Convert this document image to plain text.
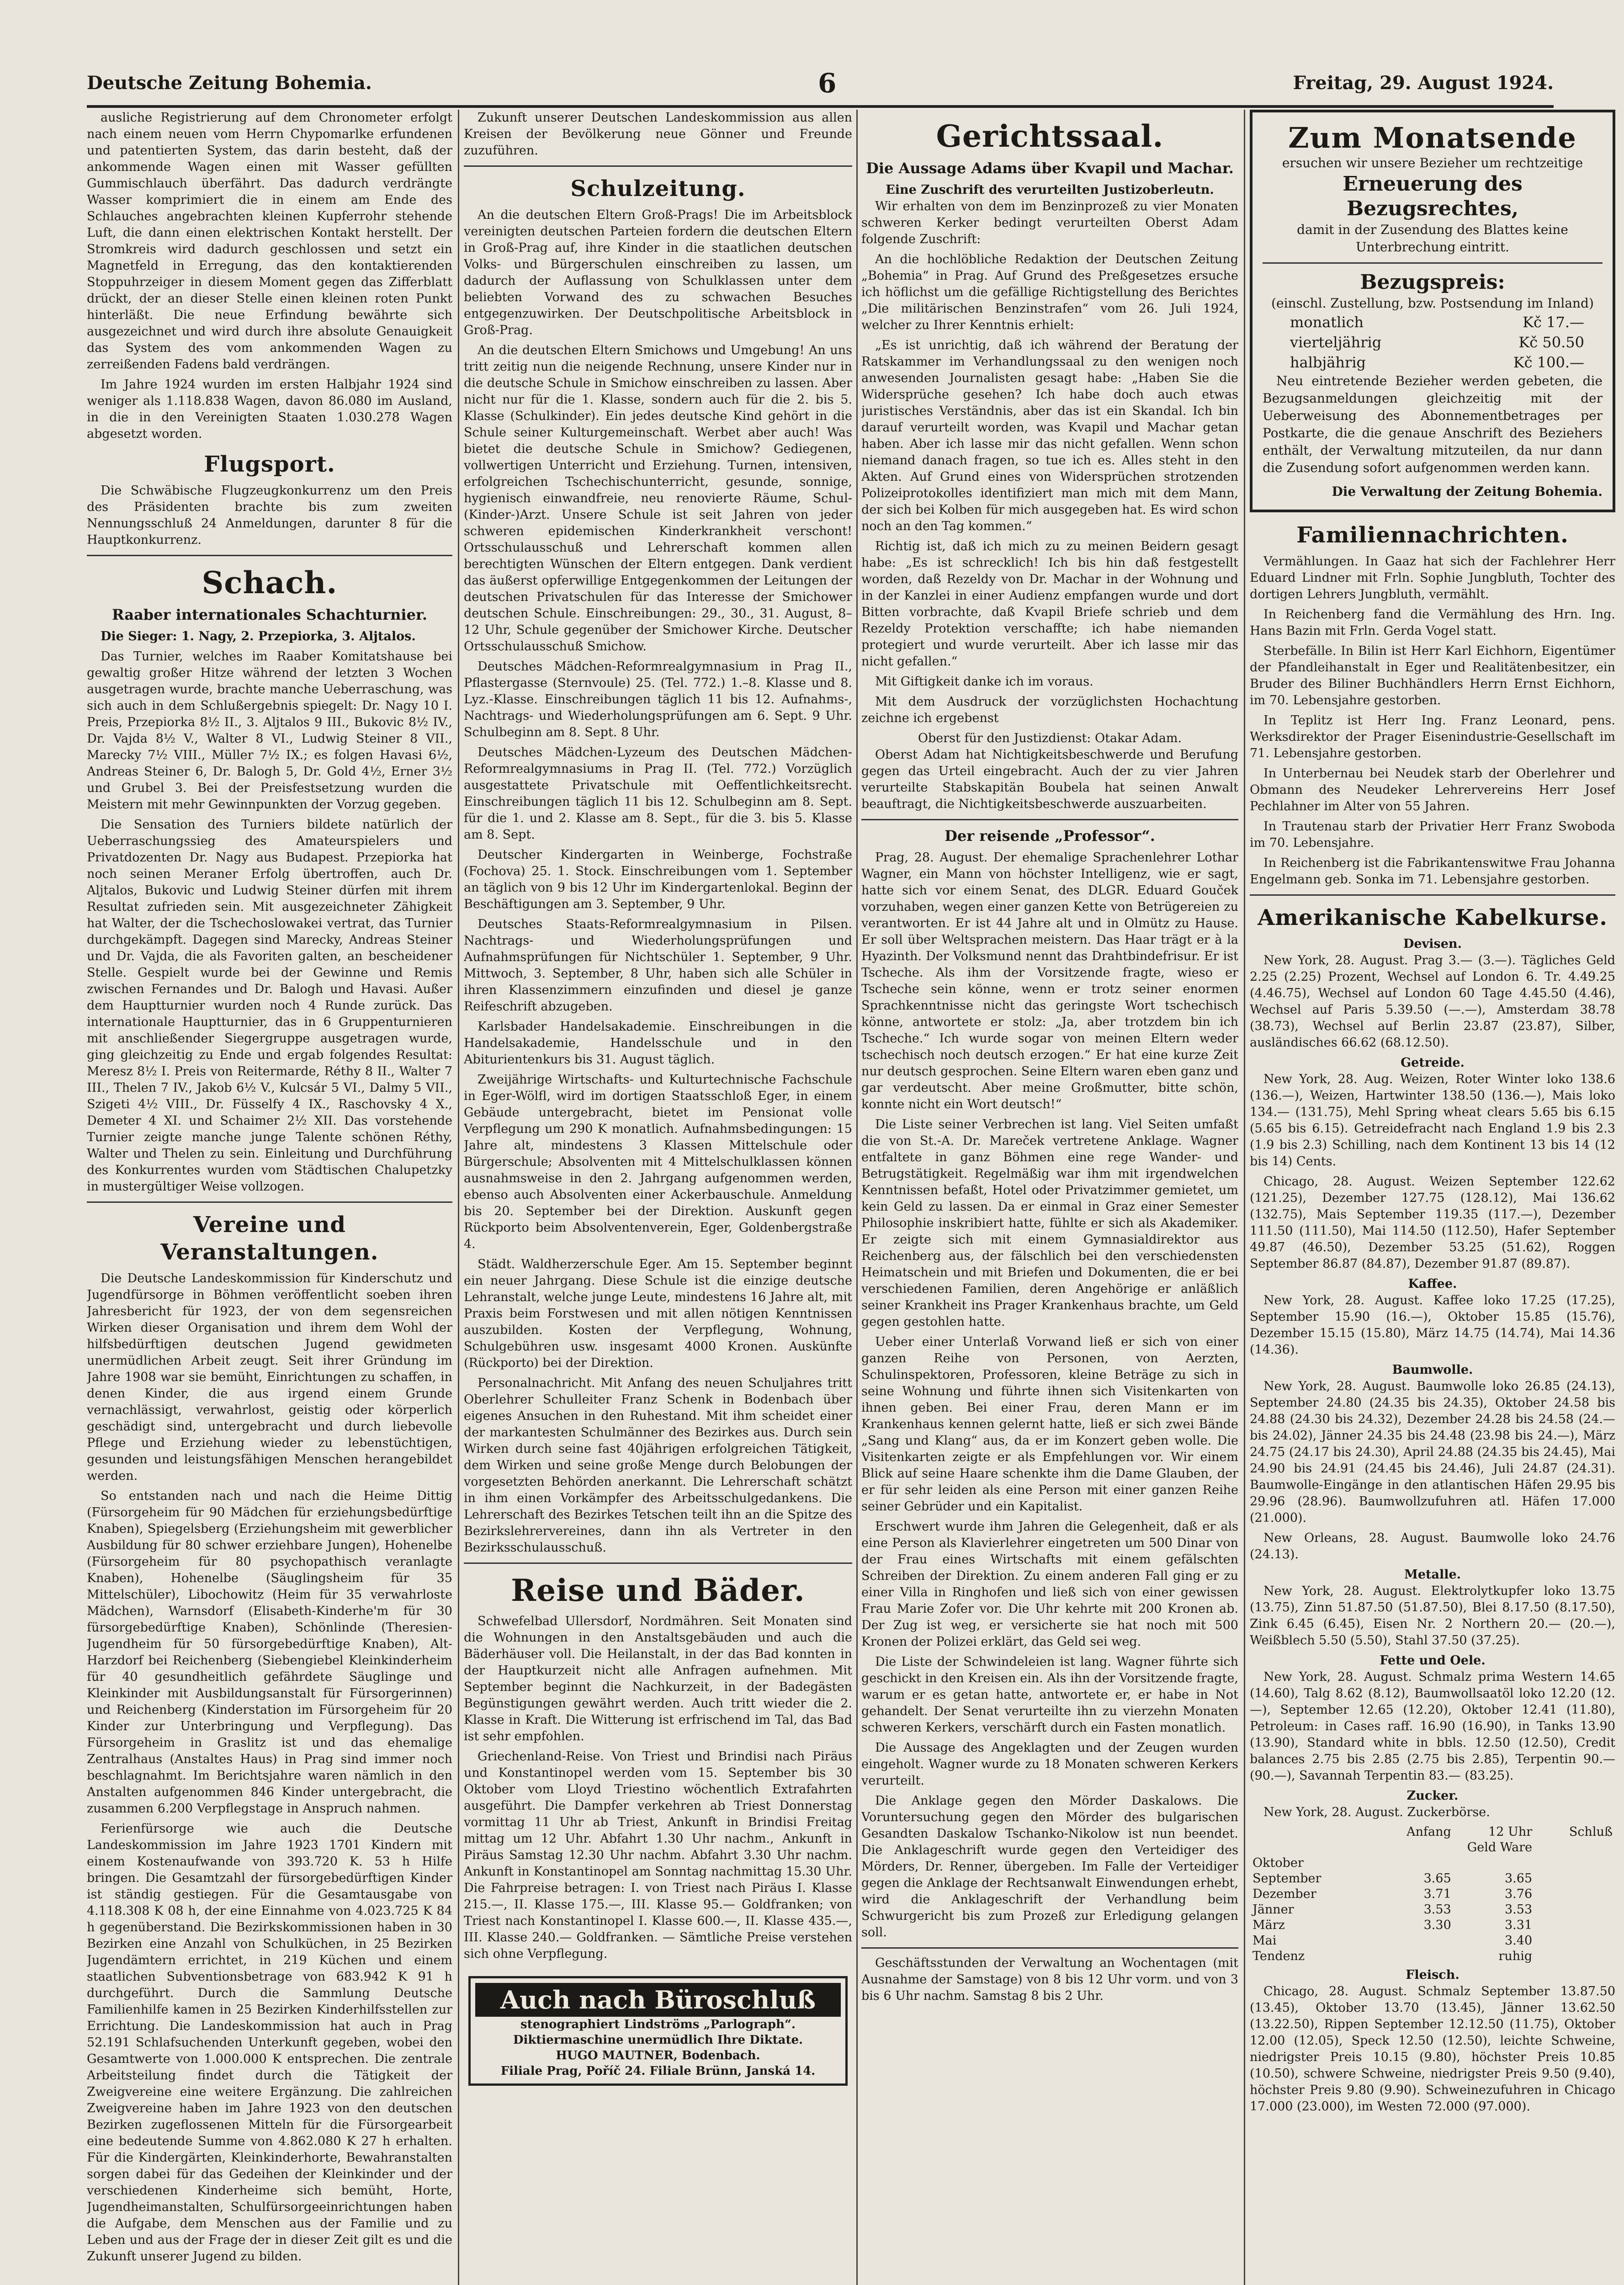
Deutsche Zeitung Bohemia.	6	Freitag, 29. August 1924.

ausliche Registrierung auf dem Chronometer erfolgt nach einem neuen vom Herrn Chypomarlke erfundenen und patentierten System, das darin besteht, daß der ankommende Wagen einen mit Wasser gefüllten Gummischlauch überfährt. Das dadurch verdrängte Wasser komprimiert die in einem am Ende des Schlauches angebrachten kleinen Kupferrohr stehende Luft, die dann einen elektrischen Kontakt herstellt. Der Stromkreis wird dadurch geschlossen und setzt ein Magnetfeld in Erregung, das den kontaktierenden Stoppuhrzeiger in diesem Moment gegen das Zifferblatt drückt, der an dieser Stelle einen kleinen roten Punkt hinterläßt. Die neue Erfindung bewährte sich ausgezeichnet und wird durch ihre absolute Genauigkeit das System des vom ankommenden Wagen zu zerreißenden Fadens bald verdrängen.

Im Jahre 1924 wurden im ersten Halbjahr 1924 sind weniger als 1.118.838 Wagen, davon 86.080 im Ausland, in die in den Vereinigten Staaten 1.030.278 Wagen abgesetzt worden.

Flugsport.

Die Schwäbische Flugzeugkonkurrenz um den Preis des Präsidenten brachte bis zum zweiten Nennungsschluß 24 Anmeldungen, darunter 8 für die Hauptkonkurrenz.

Schach.
Raaber internationales Schachturnier.

Die Sieger: 1. Nagy, 2. Przepiorka, 3. Aljtalos.

Das Turnier, welches im Raaber Komitatshause bei gewaltig großer Hitze während der letzten 3 Wochen ausgetragen wurde, brachte manche Ueberraschung, was sich auch in dem Schlußergebnis spiegelt: Dr. Nagy 10 I. Preis, Przepiorka 8½ II., 3. Aljtalos 9 III., Bukovic 8½ IV., Dr. Vajda 8½ V., Walter 8 VI., Ludwig Steiner 8 VII., Marecky 7½ VIII., Müller 7½ IX.; es folgen Havasi 6½, Andreas Steiner 6, Dr. Balogh 5, Dr. Gold 4½, Erner 3½ und Grubel 3. Bei der Preisfestsetzung wurden die Meistern mit mehr Gewinnpunkten der Vorzug gegeben.

Die Sensation des Turniers bildete natürlich der Ueberraschungssieg des Amateurspielers und Privatdozenten Dr. Nagy aus Budapest. Przepiorka hat noch seinen Meraner Erfolg übertroffen, auch Dr. Aljtalos, Bukovic und Ludwig Steiner dürfen mit ihrem Resultat zufrieden sein. Mit ausgezeichneter Zähigkeit hat Walter, der die Tschechoslowakei vertrat, das Turnier durchgekämpft. Dagegen sind Marecky, Andreas Steiner und Dr. Vajda, die als Favoriten galten, an bescheidener Stelle. Gespielt wurde bei der Gewinne und Remis zwischen Fernandes und Dr. Balogh und Havasi. Außer dem Hauptturnier wurden noch 4 Runde zurück. Das internationale Hauptturnier, das in 6 Gruppenturnieren mit anschließender Siegergruppe ausgetragen wurde, ging gleichzeitig zu Ende und ergab folgendes Resultat: Meresz 8½ I. Preis von Reitermarde, Réthy 8 II., Walter 7 III., Thelen 7 IV., Jakob 6½ V., Kulcsár 5 VI., Dalmy 5 VII., Szigeti 4½ VIII., Dr. Füsselfy 4 IX., Raschovsky 4 X., Demeter 4 XI. und Schaimer 2½ XII. Das vorstehende Turnier zeigte manche junge Talente schönen Réthy, Walter und Thelen zu sein. Einleitung und Durchführung des Konkurrentes wurden vom Städtischen Chalupetzky in mustergültiger Weise vollzogen.

Vereine und Veranstaltungen.

Die Deutsche Landeskommission für Kinderschutz und Jugendfürsorge in Böhmen veröffentlicht soeben ihren Jahresbericht für 1923, der von dem segensreichen Wirken dieser Organisation und ihrem dem Wohl der hilfsbedürftigen deutschen Jugend gewidmeten unermüdlichen Arbeit zeugt. Seit ihrer Gründung im Jahre 1908 war sie bemüht, Einrichtungen zu schaffen, in denen Kinder, die aus irgend einem Grunde vernachlässigt, verwahrlost, geistig oder körperlich geschädigt sind, untergebracht und durch liebevolle Pflege und Erziehung wieder zu lebenstüchtigen, gesunden und leistungsfähigen Menschen herangebildet werden.

So entstanden nach und nach die Heime Dittig (Fürsorgeheim für 90 Mädchen für erziehungsbedürftige Knaben), Spiegelsberg (Erziehungsheim mit gewerblicher Ausbildung für 80 schwer erziehbare Jungen), Hohenelbe (Fürsorgeheim für 80 psychopathisch veranlagte Knaben), Hohenelbe (Säuglingsheim für 35 Mittelschüler), Libochowitz (Heim für 35 verwahrloste Mädchen), Warnsdorf (Elisabeth-Kinderhe'm für 30 fürsorgebedürftige Knaben), Schönlinde (Theresien-Jugendheim für 50 fürsorgebedürftige Knaben), Alt-Harzdorf bei Reichenberg (Siebengiebel Kleinkinderheim für 40 gesundheitlich gefährdete Säuglinge und Kleinkinder mit Ausbildungsanstalt für Fürsorgerinnen) und Reichenberg (Kinderstation im Fürsorgeheim für 20 Kinder zur Unterbringung und Verpflegung). Das Fürsorgeheim in Graslitz ist und das ehemalige Zentralhaus (Anstaltes Haus) in Prag sind immer noch beschlagnahmt. Im Berichtsjahre waren nämlich in den Anstalten aufgenommen 846 Kinder untergebracht, die zusammen 6.200 Verpflegstage in Anspruch nahmen.

Ferienfürsorge wie auch die Deutsche Landeskommission im Jahre 1923 1701 Kindern mit einem Kostenaufwande von 393.720 K. 53 h Hilfe bringen. Die Gesamtzahl der fürsorgebedürftigen Kinder ist ständig gestiegen. Für die Gesamtausgabe von 4.118.308 K 08 h, der eine Einnahme von 4.023.725 K 84 h gegenüberstand. Die Bezirkskommissionen haben in 30 Bezirken eine Anzahl von Schulküchen, in 25 Bezirken Jugendämtern errichtet, in 219 Küchen und einem staatlichen Subventionsbetrage von 683.942 K 91 h durchgeführt. Durch die Sammlung Deutsche Familienhilfe kamen in 25 Bezirken Kinderhilfsstellen zur Errichtung. Die Landeskommission hat auch in Prag 52.191 Schlafsuchenden Unterkunft gegeben, wobei den Gesamtwerte von 1.000.000 K entsprechen. Die zentrale Arbeitsteilung findet durch die Tätigkeit der Zweigvereine eine weitere Ergänzung. Die zahlreichen Zweigvereine haben im Jahre 1923 von den deutschen Bezirken zugeflossenen Mitteln für die Fürsorgearbeit eine bedeutende Summe von 4.862.080 K 27 h erhalten. Für die Kindergärten, Kleinkinderhorte, Bewahranstalten sorgen dabei für das Gedeihen der Kleinkinder und der verschiedenen Kinderheime sich bemüht, Horte, Jugendheimanstalten, Schulfürsorgeeinrichtungen haben die Aufgabe, dem Menschen aus der Familie und zu Leben und aus der Frage der in dieser Zeit gilt es und die Zukunft unserer Jugend zu bilden.

Zukunft unserer Deutschen Landeskommission aus allen Kreisen der Bevölkerung neue Gönner und Freunde zuzuführen.

Schulzeitung.

An die deutschen Eltern Groß-Prags! Die im Arbeitsblock vereinigten deutschen Parteien fordern die deutschen Eltern in Groß-Prag auf, ihre Kinder in die staatlichen deutschen Volks- und Bürgerschulen einschreiben zu lassen, um dadurch der Auflassung von Schulklassen unter dem beliebten Vorwand des zu schwachen Besuches entgegenzuwirken. Der Deutschpolitische Arbeitsblock in Groß-Prag.

An die deutschen Eltern Smichows und Umgebung! An uns tritt zeitig nun die neigende Rechnung, unsere Kinder nur in die deutsche Schule in Smichow einschreiben zu lassen. Aber nicht nur für die 1. Klasse, sondern auch für die 2. bis 5. Klasse (Schulkinder). Ein jedes deutsche Kind gehört in die Schule seiner Kulturgemeinschaft. Werbet aber auch! Was bietet die deutsche Schule in Smichow? Gediegenen, vollwertigen Unterricht und Erziehung. Turnen, intensiven, erfolgreichen Tschechischunterricht, gesunde, sonnige, hygienisch einwandfreie, neu renovierte Räume, Schul-(Kinder-)Arzt. Unsere Schule ist seit Jahren von jeder schweren epidemischen Kinderkrankheit verschont! Ortsschulausschuß und Lehrerschaft kommen allen berechtigten Wünschen der Eltern entgegen. Dank verdient das äußerst opferwillige Entgegenkommen der Leitungen der deutschen Privatschulen für das Interesse der Smichower deutschen Schule. Einschreibungen: 29., 30., 31. August, 8–12 Uhr, Schule gegenüber der Smichower Kirche. Deutscher Ortsschulausschuß Smichow.

Deutsches Mädchen-Reformrealgymnasium in Prag II., Pflastergasse (Sternvoule) 25. (Tel. 772.) 1.–8. Klasse und 8. Lyz.-Klasse. Einschreibungen täglich 11 bis 12. Aufnahms-, Nachtrags- und Wiederholungsprüfungen am 6. Sept. 9 Uhr. Schulbeginn am 8. Sept. 8 Uhr.

Deutsches Mädchen-Lyzeum des Deutschen Mädchen-Reformrealgymnasiums in Prag II. (Tel. 772.) Vorzüglich ausgestattete Privatschule mit Oeffentlichkeitsrecht. Einschreibungen täglich 11 bis 12. Schulbeginn am 8. Sept. für die 1. und 2. Klasse am 8. Sept., für die 3. bis 5. Klasse am 8. Sept.

Deutscher Kindergarten in Weinberge, Fochstraße (Fochova) 25. 1. Stock. Einschreibungen vom 1. September an täglich von 9 bis 12 Uhr im Kindergartenlokal. Beginn der Beschäftigungen am 3. September, 9 Uhr.

Deutsches Staats-Reformrealgymnasium in Pilsen. Nachtrags- und Wiederholungsprüfungen und Aufnahmsprüfungen für Nichtschüler 1. September, 9 Uhr. Mittwoch, 3. September, 8 Uhr, haben sich alle Schüler in ihren Klassenzimmern einzufinden und diesel je ganze Reifeschrift abzugeben.

Karlsbader Handelsakademie. Einschreibungen in die Handelsakademie, Handelsschule und in den Abiturientenkurs bis 31. August täglich.

Zweijährige Wirtschafts- und Kulturtechnische Fachschule in Eger-Wölfl, wird im dortigen Staatsschloß Eger, in einem Gebäude untergebracht, bietet im Pensionat volle Verpflegung um 290 K monatlich. Aufnahmsbedingungen: 15 Jahre alt, mindestens 3 Klassen Mittelschule oder Bürgerschule; Absolventen mit 4 Mittelschulklassen können ausnahmsweise in den 2. Jahrgang aufgenommen werden, ebenso auch Absolventen einer Ackerbauschule. Anmeldung bis 20. September bei der Direktion. Auskunft gegen Rückporto beim Absolventenverein, Eger, Goldenbergstraße 4.

Städt. Waldherzerschule Eger. Am 15. September beginnt ein neuer Jahrgang. Diese Schule ist die einzige deutsche Lehranstalt, welche junge Leute, mindestens 16 Jahre alt, mit Praxis beim Forstwesen und mit allen nötigen Kenntnissen auszubilden. Kosten der Verpflegung, Wohnung, Schulgebühren usw. insgesamt 4000 Kronen. Auskünfte (Rückporto) bei der Direktion.

Personalnachricht. Mit Anfang des neuen Schuljahres tritt Oberlehrer Schulleiter Franz Schenk in Bodenbach über eigenes Ansuchen in den Ruhestand. Mit ihm scheidet einer der markantesten Schulmänner des Bezirkes aus. Durch sein Wirken durch seine fast 40jährigen erfolgreichen Tätigkeit, dem Wirken und seine große Menge durch Belobungen der vorgesetzten Behörden anerkannt. Die Lehrerschaft schätzt in ihm einen Vorkämpfer des Arbeitsschulgedankens. Die Lehrerschaft des Bezirkes Tetschen teilt ihn an die Spitze des Bezirkslehrervereines, dann ihn als Vertreter in den Bezirksschulausschuß.

Reise und Bäder.

Schwefelbad Ullersdorf, Nordmähren. Seit Monaten sind die Wohnungen in den Anstaltsgebäuden und auch die Bäderhäuser voll. Die Heilanstalt, in der das Bad konnten in der Hauptkurzeit nicht alle Anfragen aufnehmen. Mit September beginnt die Nachkurzeit, in der Badegästen Begünstigungen gewährt werden. Auch tritt wieder die 2. Klasse in Kraft. Die Witterung ist erfrischend im Tal, das Bad ist sehr empfohlen.

Griechenland-Reise. Von Triest und Brindisi nach Piräus und Konstantinopel werden vom 15. September bis 30 Oktober vom Lloyd Triestino wöchentlich Extrafahrten ausgeführt. Die Dampfer verkehren ab Triest Donnerstag vormittag 11 Uhr ab Triest, Ankunft in Brindisi Freitag mittag um 12 Uhr. Abfahrt 1.30 Uhr nachm., Ankunft in Piräus Samstag 12.30 Uhr nachm. Abfahrt 3.30 Uhr nachm. Ankunft in Konstantinopel am Sonntag nachmittag 15.30 Uhr. Die Fahrpreise betragen: I. von Triest nach Piräus I. Klasse 215.—, II. Klasse 175.—, III. Klasse 95.— Goldfranken; von Triest nach Konstantinopel I. Klasse 600.—, II. Klasse 435.—, III. Klasse 240.— Goldfranken. — Sämtliche Preise verstehen sich ohne Verpflegung.

Auch nach Büroschluß
stenographiert Lindströms „Parlograph“.
Diktiermaschine unermüdlich Ihre Diktate.
HUGO MAUTNER, Bodenbach.
Filiale Prag, Poříč 24. Filiale Brünn, Janská 14.
Gerichtssaal.
Die Aussage Adams über Kvapil und Machar.
Eine Zuschrift des verurteilten Justizoberleutn.

Wir erhalten von dem im Benzinprozeß zu vier Monaten schweren Kerker bedingt verurteilten Oberst Adam folgende Zuschrift:

An die hochlöbliche Redaktion der Deutschen Zeitung „Bohemia“ in Prag. Auf Grund des Preßgesetzes ersuche ich höflichst um die gefällige Richtigstellung des Berichtes „Die militärischen Benzinstrafen“ vom 26. Juli 1924, welcher zu Ihrer Kenntnis erhielt:

„Es ist unrichtig, daß ich während der Beratung der Ratskammer im Verhandlungssaal zu den wenigen noch anwesenden Journalisten gesagt habe: „Haben Sie die Widersprüche gesehen? Ich habe doch auch etwas juristisches Verständnis, aber das ist ein Skandal. Ich bin darauf verurteilt worden, was Kvapil und Machar getan haben. Aber ich lasse mir das nicht gefallen. Wenn schon niemand danach fragen, so tue ich es. Alles steht in den Akten. Auf Grund eines von Widersprüchen strotzenden Polizeiprotokolles identifiziert man mich mit dem Mann, der sich bei Kolben für mich ausgegeben hat. Es wird schon noch an den Tag kommen.“

Richtig ist, daß ich mich zu zu meinen Beidern gesagt habe: „Es ist schrecklich! Ich bis hin daß festgestellt worden, daß Rezeldy von Dr. Machar in der Wohnung und in der Kanzlei in einer Audienz empfangen wurde und dort Bitten vorbrachte, daß Kvapil Briefe schrieb und dem Rezeldy Protektion verschaffte; ich habe niemanden protegiert und wurde verurteilt. Aber ich lasse mir das nicht gefallen.“

Mit Giftigkeit danke ich im voraus.

Mit dem Ausdruck der vorzüglichsten Hochachtung zeichne ich ergebenst

Oberst für den Justizdienst: Otakar Adam.

Oberst Adam hat Nichtigkeitsbeschwerde und Berufung gegen das Urteil eingebracht. Auch der zu vier Jahren verurteilte Stabskapitän Boubela hat seinen Anwalt beauftragt, die Nichtigkeitsbeschwerde auszuarbeiten.

Der reisende „Professor“.

Prag, 28. August. Der ehemalige Sprachenlehrer Lothar Wagner, ein Mann von höchster Intelligenz, wie er sagt, hatte sich vor einem Senat, des DLGR. Eduard Gouček vorzuhaben, wegen einer ganzen Kette von Betrügereien zu verantworten. Er ist 44 Jahre alt und in Olmütz zu Hause. Er soll über Weltsprachen meistern. Das Haar trägt er à la Hyazinth. Der Volksmund nennt das Drahtbindefrisur. Er ist Tscheche. Als ihm der Vorsitzende fragte, wieso er Tscheche sein könne, wenn er trotz seiner enormen Sprachkenntnisse nicht das geringste Wort tschechisch könne, antwortete er stolz: „Ja, aber trotzdem bin ich Tscheche.“ Ich wurde sogar von meinen Eltern weder tschechisch noch deutsch erzogen.“ Er hat eine kurze Zeit nur deutsch gesprochen. Seine Eltern waren eben ganz und gar verdeutscht. Aber meine Großmutter, bitte schön, konnte nicht ein Wort deutsch!“

Die Liste seiner Verbrechen ist lang. Viel Seiten umfaßt die von St.-A. Dr. Mareček vertretene Anklage. Wagner entfaltete in ganz Böhmen eine rege Wander- und Betrugstätigkeit. Regelmäßig war ihm mit irgendwelchen Kenntnissen befaßt, Hotel oder Privatzimmer gemietet, um kein Geld zu lassen. Da er einmal in Graz einer Semester Philosophie inskribiert hatte, fühlte er sich als Akademiker. Er zeigte sich mit einem Gymnasialdirektor aus Reichenberg aus, der fälschlich bei den verschiedensten Heimatschein und mit Briefen und Dokumenten, die er bei verschiedenen Familien, deren Angehörige er anläßlich seiner Krankheit ins Prager Krankenhaus brachte, um Geld gegen gestohlen hatte.

Ueber einer Unterlaß Vorwand ließ er sich von einer ganzen Reihe von Personen, von Aerzten, Schulinspektoren, Professoren, kleine Beträge zu sich in seine Wohnung und führte ihnen sich Visitenkarten von ihnen geben. Bei einer Frau, deren Mann er im Krankenhaus kennen gelernt hatte, ließ er sich zwei Bände „Sang und Klang“ aus, da er im Konzert geben wolle. Die Visitenkarten zeigte er als Empfehlungen vor. Wir einem Blick auf seine Haare schenkte ihm die Dame Glauben, der er für sehr leiden als eine Person mit einer ganzen Reihe seiner Gebrüder und ein Kapitalist.

Erschwert wurde ihm Jahren die Gelegenheit, daß er als eine Person als Klavierlehrer eingetreten um 500 Dinar von der Frau eines Wirtschafts mit einem gefälschten Schreiben der Direktion. Zu einem anderen Fall ging er zu einer Villa in Ringhofen und ließ sich von einer gewissen Frau Marie Zofer vor. Die Uhr kehrte mit 200 Kronen ab. Der Zug ist weg, er versicherte sie hat noch mit 500 Kronen der Polizei erklärt, das Geld sei weg.

Die Liste der Schwindeleien ist lang. Wagner führte sich geschickt in den Kreisen ein. Als ihn der Vorsitzende fragte, warum er es getan hatte, antwortete er, er habe in Not gehandelt. Der Senat verurteilte ihn zu vierzehn Monaten schweren Kerkers, verschärft durch ein Fasten monatlich.

Die Aussage des Angeklagten und der Zeugen wurden eingeholt. Wagner wurde zu 18 Monaten schweren Kerkers verurteilt.

Die Anklage gegen den Mörder Daskalows. Die Voruntersuchung gegen den Mörder des bulgarischen Gesandten Daskalow Tschanko-Nikolow ist nun beendet. Die Anklageschrift wurde gegen den Verteidiger des Mörders, Dr. Renner, übergeben. Im Falle der Verteidiger gegen die Anklage der Rechtsanwalt Einwendungen erhebt, wird die Anklageschrift der Verhandlung beim Schwurgericht bis zum Prozeß zur Erledigung gelangen soll.

Geschäftsstunden der Verwaltung an Wochentagen (mit Ausnahme der Samstage) von 8 bis 12 Uhr vorm. und von 3 bis 6 Uhr nachm. Samstag 8 bis 2 Uhr.

Zum Monatsende
ersuchen wir unsere Bezieher um rechtzeitige
Erneuerung des Bezugsrechtes,
damit in der Zusendung des Blattes keine Unterbrechung eintritt.
Bezugspreis:
(einschl. Zustellung, bzw. Postsendung im Inland)
monatlich	Kč 17.—
vierteljährig	Kč 50.50
halbjährig	Kč 100.—

Neu eintretende Bezieher werden gebeten, die Bezugsanmeldungen gleichzeitig mit der Ueberweisung des Abonnementbetrages per Postkarte, die die genaue Anschrift des Beziehers enthält, der Verwaltung mitzuteilen, da nur dann die Zusendung sofort aufgenommen werden kann.

Die Verwaltung der Zeitung Bohemia.
Familiennachrichten.

Vermählungen. In Gaaz hat sich der Fachlehrer Herr Eduard Lindner mit Frln. Sophie Jungbluth, Tochter des dortigen Lehrers Jungbluth, vermählt.

In Reichenberg fand die Vermählung des Hrn. Ing. Hans Bazin mit Frln. Gerda Vogel statt.

Sterbefälle. In Bilin ist Herr Karl Eichhorn, Eigentümer der Pfandleihanstalt in Eger und Realitätenbesitzer, ein Bruder des Biliner Buchhändlers Herrn Ernst Eichhorn, im 70. Lebensjahre gestorben.

In Teplitz ist Herr Ing. Franz Leonard, pens. Werksdirektor der Prager Eisenindustrie-Gesellschaft im 71. Lebensjahre gestorben.

In Unterbernau bei Neudek starb der Oberlehrer und Obmann des Neudeker Lehrervereins Herr Josef Pechlahner im Alter von 55 Jahren.

In Trautenau starb der Privatier Herr Franz Swoboda im 70. Lebensjahre.

In Reichenberg ist die Fabrikantenswitwe Frau Johanna Engelmann geb. Sonka im 71. Lebensjahre gestorben.

Amerikanische Kabelkurse.
Devisen.

New York, 28. August. Prag 3.— (3.—). Tägliches Geld 2.25 (2.25) Prozent, Wechsel auf London 6. Tr. 4.49.25 (4.46.75), Wechsel auf London 60 Tage 4.45.50 (4.46), Wechsel auf Paris 5.39.50 (—.—), Amsterdam 38.78 (38.73), Wechsel auf Berlin 23.87 (23.87), Silber, ausländisches 66.62 (68.12.50).

Getreide.

New York, 28. Aug. Weizen, Roter Winter loko 138.6 (136.—), Weizen, Hartwinter 138.50 (136.—), Mais loko 134.— (131.75), Mehl Spring wheat clears 5.65 bis 6.15 (5.65 bis 6.15). Getreidefracht nach England 1.9 bis 2.3 (1.9 bis 2.3) Schilling, nach dem Kontinent 13 bis 14 (12 bis 14) Cents.

Chicago, 28. August. Weizen September 122.62 (121.25), Dezember 127.75 (128.12), Mai 136.62 (132.75), Mais September 119.35 (117.—), Dezember 111.50 (111.50), Mai 114.50 (112.50), Hafer September 49.87 (46.50), Dezember 53.25 (51.62), Roggen September 86.87 (84.87), Dezember 91.87 (89.87).

Kaffee.

New York, 28. August. Kaffee loko 17.25 (17.25), September 15.90 (16.—), Oktober 15.85 (15.76), Dezember 15.15 (15.80), März 14.75 (14.74), Mai 14.36 (14.36).

Baumwolle.

New York, 28. August. Baumwolle loko 26.85 (24.13), September 24.80 (24.35 bis 24.35), Oktober 24.58 bis 24.88 (24.30 bis 24.32), Dezember 24.28 bis 24.58 (24.— bis 24.02), Jänner 24.35 bis 24.48 (23.98 bis 24.—), März 24.75 (24.17 bis 24.30), April 24.88 (24.35 bis 24.45), Mai 24.90 bis 24.91 (24.45 bis 24.46), Juli 24.87 (24.31). Baumwolle-Eingänge in den atlantischen Häfen 29.95 bis 29.96 (28.96). Baumwollzufuhren atl. Häfen 17.000 (21.000).

New Orleans, 28. August. Baumwolle loko 24.76 (24.13).

Metalle.

New York, 28. August. Elektrolytkupfer loko 13.75 (13.75), Zinn 51.87.50 (51.87.50), Blei 8.17.50 (8.17.50), Zink 6.45 (6.45), Eisen Nr. 2 Northern 20.— (20.—), Weißblech 5.50 (5.50), Stahl 37.50 (37.25).

Fette und Oele.

New York, 28. August. Schmalz prima Western 14.65 (14.60), Talg 8.62 (8.12), Baumwollsaatöl loko 12.20 (12.—), September 12.65 (12.20), Oktober 12.41 (11.80), Petroleum: in Cases raff. 16.90 (16.90), in Tanks 13.90 (13.90), Standard white in bbls. 12.50 (12.50), Credit balances 2.75 bis 2.85 (2.75 bis 2.85), Terpentin 90.— (90.—), Savannah Terpentin 83.— (83.25).

Zucker.

New York, 28. August. Zuckerbörse.

	Anfang	12 Uhr	Schluß
	Geld Ware		
Oktober			
September	3.65	3.65	
Dezember	3.71	3.76	
Jänner	3.53	3.53	
März	3.30	3.31	
Mai		3.40	
Tendenz		ruhig	
Fleisch.

Chicago, 28. August. Schmalz September 13.87.50 (13.45), Oktober 13.70 (13.45), Jänner 13.62.50 (13.22.50), Rippen September 12.12.50 (11.75), Oktober 12.00 (12.05), Speck 12.50 (12.50), leichte Schweine, niedrigster Preis 10.15 (9.80), höchster Preis 10.85 (10.50), schwere Schweine, niedrigster Preis 9.50 (9.40), höchster Preis 9.80 (9.90). Schweinezufuhren in Chicago 17.000 (23.000), im Westen 72.000 (97.000).
